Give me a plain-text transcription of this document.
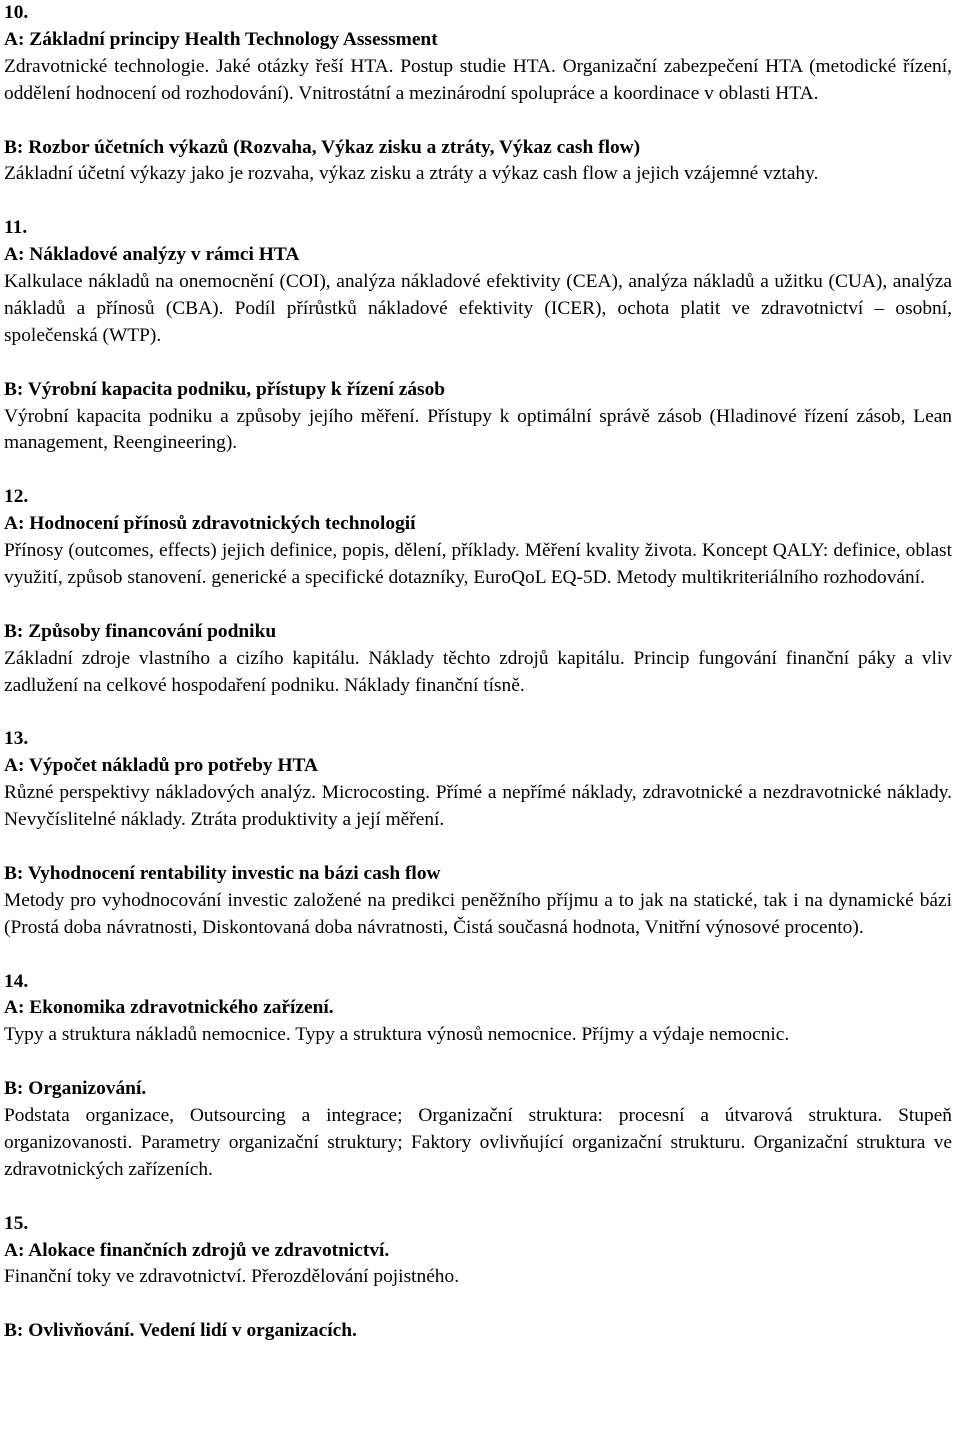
10.

A: Základní principy Health Technology Assessment

Zdravotnické technologie. Jaké otázky řeší HTA. Postup studie HTA. Organizační zabezpečení HTA (metodické řízení, oddělení hodnocení od rozhodování). Vnitrostátní a mezinárodní spolupráce a koordinace v oblasti HTA.

B: Rozbor účetních výkazů (Rozvaha, Výkaz zisku a ztráty, Výkaz cash flow)

Základní účetní výkazy jako je rozvaha, výkaz zisku a ztráty a výkaz cash flow a jejich vzájemné vztahy.

11.

A: Nákladové analýzy v rámci HTA

Kalkulace nákladů na onemocnění (COI), analýza nákladové efektivity (CEA), analýza nákladů a užitku (CUA), analýza nákladů a přínosů (CBA). Podíl přírůstků nákladové efektivity (ICER), ochota platit ve zdravotnictví – osobní, společenská (WTP).

B: Výrobní kapacita podniku, přístupy k řízení zásob

Výrobní kapacita podniku a způsoby jejího měření. Přístupy k optimální správě zásob (Hladinové řízení zásob, Lean management, Reengineering).

12.

A: Hodnocení přínosů zdravotnických technologií

Přínosy (outcomes, effects) jejich definice, popis, dělení, příklady. Měření kvality života. Koncept QALY: definice, oblast využití, způsob stanovení. generické a specifické dotazníky, EuroQoL EQ-5D. Metody multikriteriálního rozhodování.

B: Způsoby financování podniku

Základní zdroje vlastního a cizího kapitálu. Náklady těchto zdrojů kapitálu. Princip fungování finanční páky a vliv zadlužení na celkové hospodaření podniku. Náklady finanční tísně.

13.

A: Výpočet nákladů pro potřeby HTA

Různé perspektivy nákladových analýz. Microcosting. Přímé a nepřímé náklady, zdravotnické a nezdravotnické náklady. Nevyčíslitelné náklady. Ztráta produktivity a její měření.

B: Vyhodnocení rentability investic na bázi cash flow

Metody pro vyhodnocování investic založené na predikci peněžního příjmu a to jak na statické, tak i na dynamické bázi (Prostá doba návratnosti, Diskontovaná doba návratnosti, Čistá současná hodnota, Vnitřní výnosové procento).

14.

A: Ekonomika zdravotnického zařízení.

Typy a struktura nákladů nemocnice. Typy a struktura výnosů nemocnice. Příjmy a výdaje nemocnic.

B: Organizování.

Podstata organizace, Outsourcing a integrace; Organizační struktura: procesní a útvarová struktura. Stupeň organizovanosti. Parametry organizační struktury; Faktory ovlivňující organizační strukturu. Organizační struktura ve zdravotnických zařízeních.

15.

A: Alokace finančních zdrojů ve zdravotnictví.

Finanční toky ve zdravotnictví. Přerozdělování pojistného.

B: Ovlivňování. Vedení lidí v organizacích.
